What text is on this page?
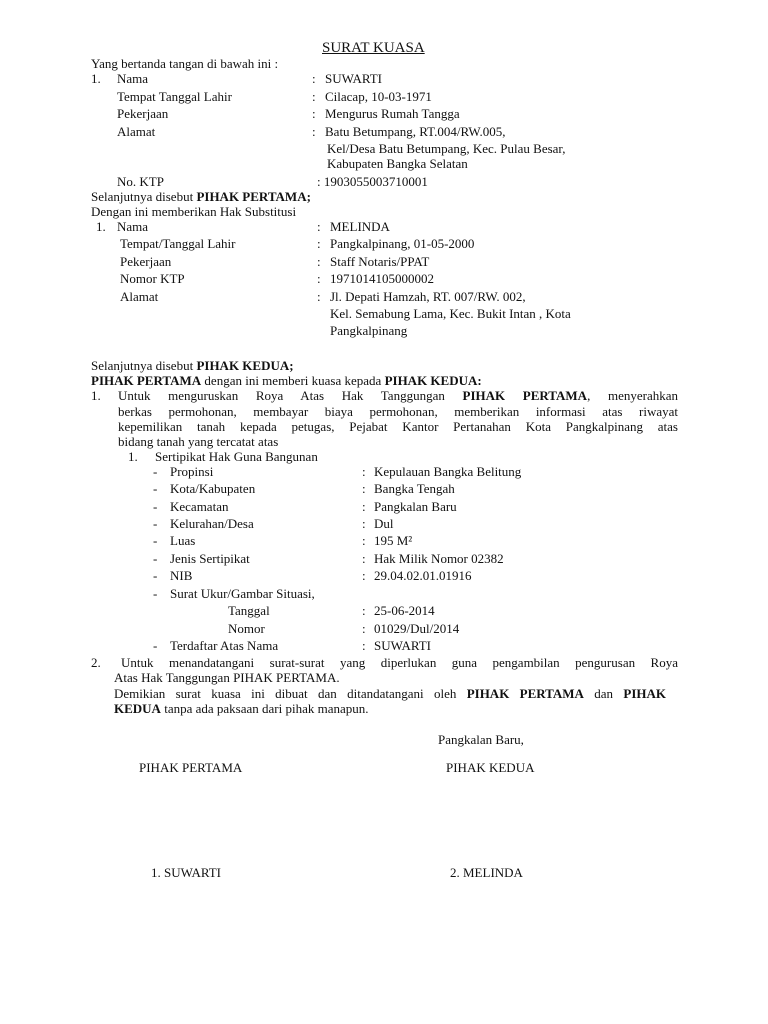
SURAT KUASA
Yang bertanda tangan di bawah ini :
1. Nama	: SUWARTI
Tempat Tanggal Lahir	: Cilacap, 10-03-1971
Pekerjaan	: Mengurus Rumah Tangga
Alamat	: Batu Betumpang, RT.004/RW.005,
Kel/Desa Batu Betumpang, Kec. Pulau Besar,
Kabupaten Bangka Selatan
No. KTP	: 1903055003710001
Selanjutnya disebut PIHAK PERTAMA;
Dengan ini memberikan Hak Substitusi
1. Nama	: MELINDA
Tempat/Tanggal Lahir	: Pangkalpinang, 01-05-2000
Pekerjaan	: Staff Notaris/PPAT
Nomor KTP	: 1971014105000002
Alamat	: Jl. Depati Hamzah, RT. 007/RW. 002,
Kel. Semabung Lama, Kec. Bukit Intan , Kota
Pangkalpinang
Selanjutnya disebut PIHAK KEDUA;
PIHAK PERTAMA dengan ini memberi kuasa kepada PIHAK KEDUA:
1. Untuk menguruskan Roya Atas Hak Tanggungan PIHAK PERTAMA, menyerahkan
berkas permohonan, membayar biaya permohonan, memberikan informasi atas riwayat
kepemilikan tanah kepada petugas, Pejabat Kantor Pertanahan Kota Pangkalpinang atas
bidang tanah yang tercatat atas
1. Sertipikat Hak Guna Bangunan
- Propinsi	: Kepulauan Bangka Belitung
- Kota/Kabupaten	: Bangka Tengah
- Kecamatan	: Pangkalan Baru
- Kelurahan/Desa	: Dul
- Luas	: 195 M²
- Jenis Sertipikat	: Hak Milik Nomor 02382
- NIB	: 29.04.02.01.01916
- Surat Ukur/Gambar Situasi,
Tanggal	: 25-06-2014
Nomor	: 01029/Dul/2014
- Terdaftar Atas Nama	: SUWARTI
2. Untuk menandatangani surat-surat yang diperlukan guna pengambilan pengurusan Roya
Atas Hak Tanggungan PIHAK PERTAMA.
Demikian surat kuasa ini dibuat dan ditandatangani oleh PIHAK PERTAMA dan PIHAK
KEDUA tanpa ada paksaan dari pihak manapun.
Pangkalan Baru,
PIHAK PERTAMA	PIHAK KEDUA
1. SUWARTI	2. MELINDA
